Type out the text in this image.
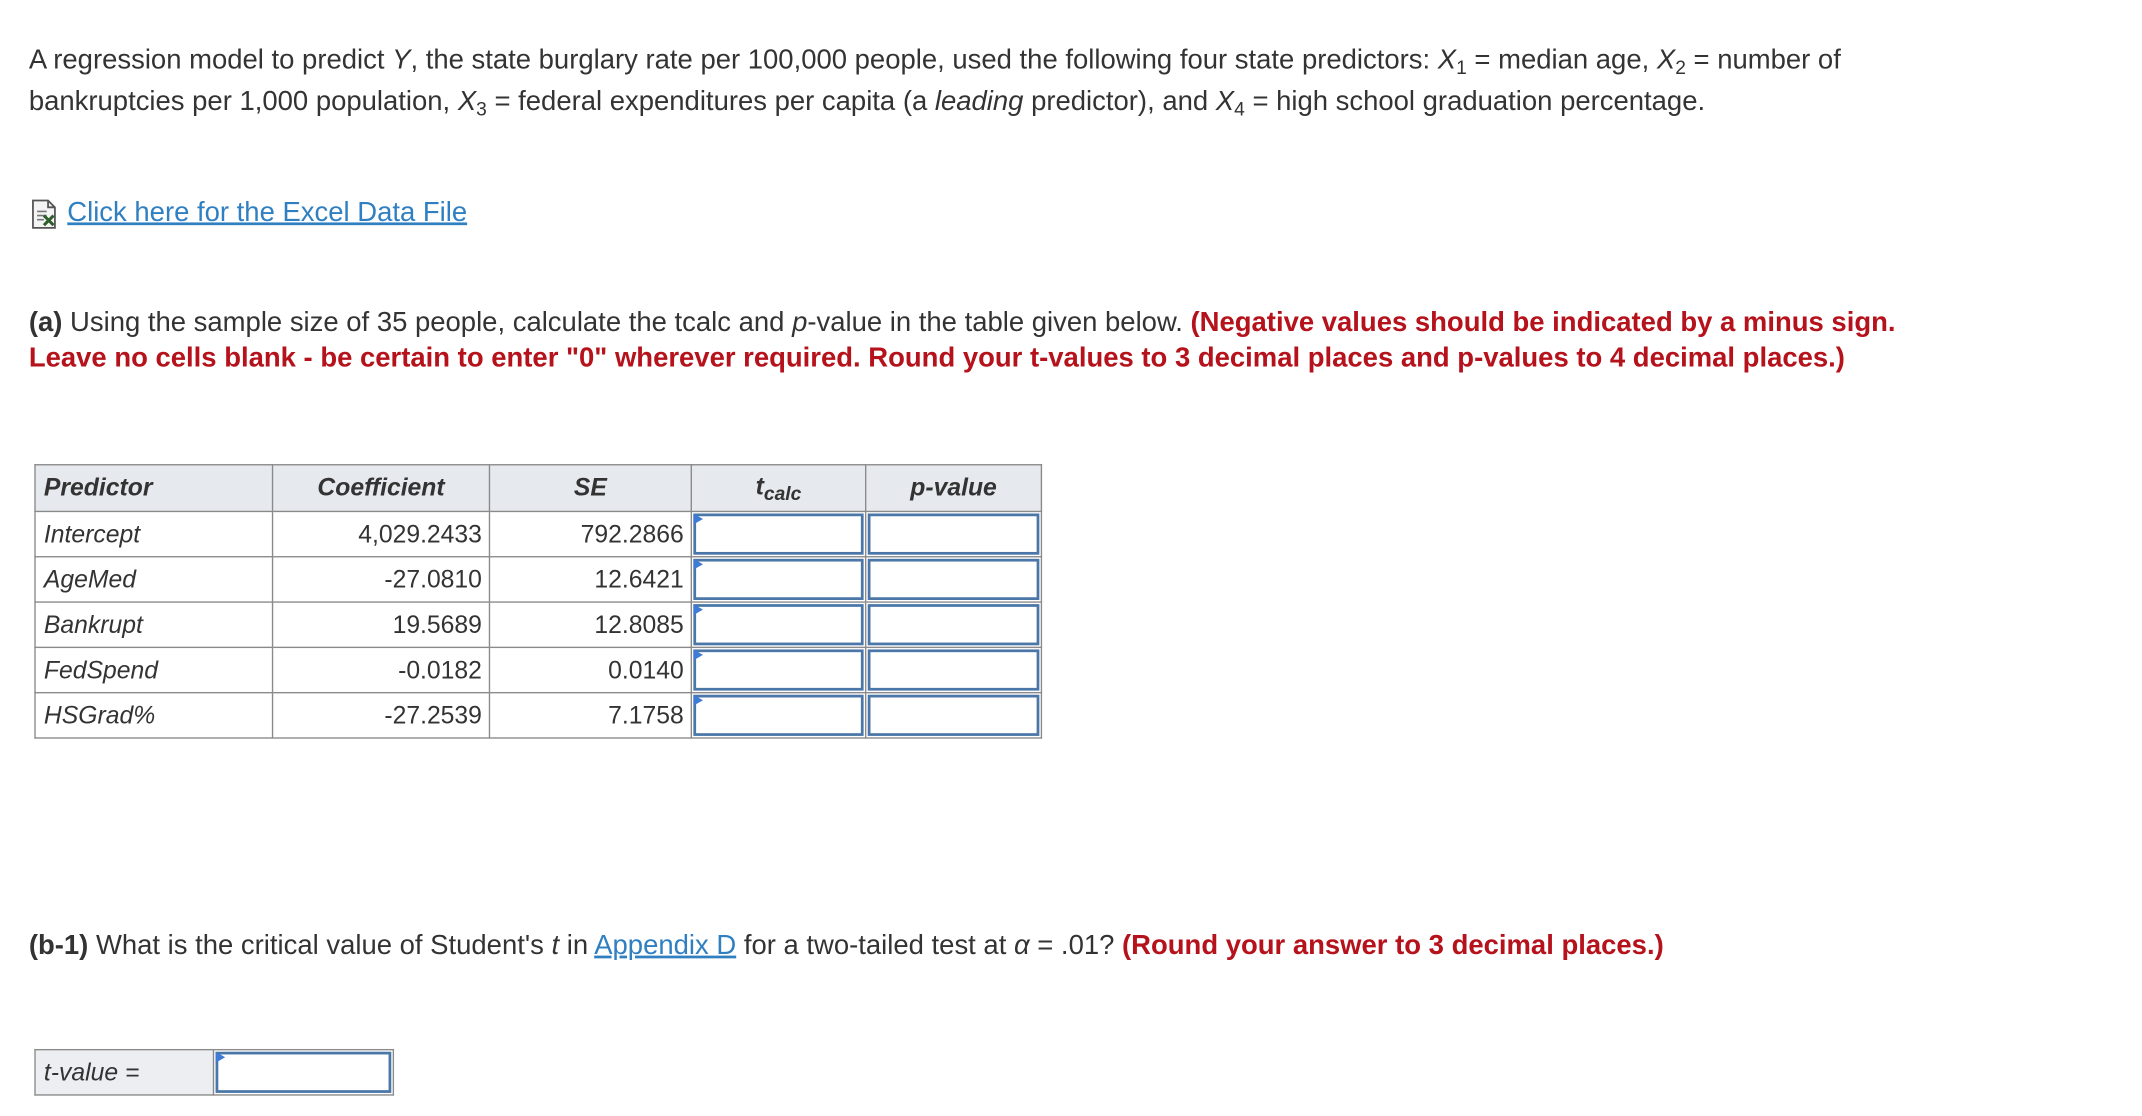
A regression model to predict Y, the state burglary rate per 100,000 people, used the following four state predictors: $X_1$ = median age, $X_2$ = number of bankruptcies per 1,000 population, $X_3$ = federal expenditures per capita (a leading predictor), and $X_4$ = high school graduation percentage.
Click here for the Excel Data File
(a) Using the sample size of 35 people, calculate the tcalc and p-value in the table given below. (Negative values should be indicated by a minus sign. Leave no cells blank - be certain to enter "0" wherever required. Round your t-values to 3 decimal places and p-values to 4 decimal places.)
Predictor	Coefficient	SE	$t_{calc}$	p-value
Intercept	4,029.2433	792.2866	

AgeMed	-27.0810	12.6421	

Bankrupt	19.5689	12.8085	

FedSpend	-0.0182	0.0140	

HSGrad%	-27.2539	7.1758	

(b-1) What is the critical value of Student's t in Appendix D for a two-tailed test at α = .01? (Round your answer to 3 decimal places.)
t-value =	
